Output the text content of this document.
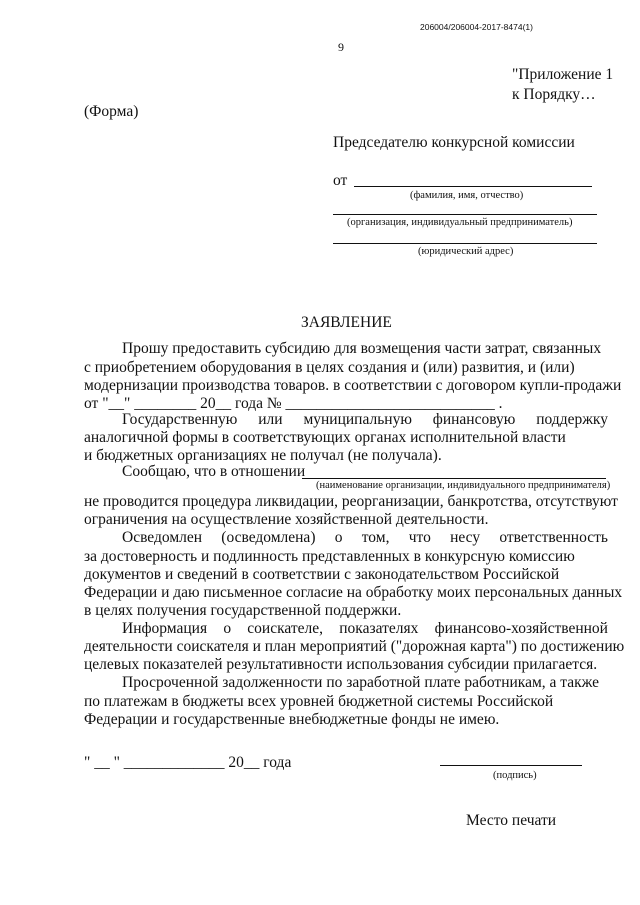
206004/206004-2017-8474(1)
9
"Приложение 1
к Порядку…
(Форма)
Председателю конкурсной комиссии
от
(фамилия, имя, отчество)
(организация, индивидуальный предприниматель)
(юридический адрес)
ЗАЯВЛЕНИЕ
Прошу предоставить субсидию для возмещения части затрат, связанных
с приобретением оборудования в целях создания и (или) развития, и (или)
модернизации производства товаров. в соответствии с договором купли-продажи
от "__" ________ 20__ года № ___________________________ .
Государственную или муниципальную финансовую поддержку
аналогичной формы в соответствующих органах исполнительной власти
и бюджетных организациях не получал (не получала).
Сообщаю, что в отношении
(наименование организации, индивидуального предпринимателя)
не проводится процедура ликвидации, реорганизации, банкротства, отсутствуют
ограничения на осуществление хозяйственной деятельности.
Осведомлен (осведомлена) о том, что несу ответственность
за достоверность и подлинность представленных в конкурсную комиссию
документов и сведений в соответствии с законодательством Российской
Федерации и даю письменное согласие на обработку моих персональных данных
в целях получения государственной поддержки.
Информация о соискателе, показателях финансово-хозяйственной
деятельности соискателя и план мероприятий ("дорожная карта") по достижению
целевых показателей результативности использования субсидии прилагается.
Просроченной задолженности по заработной плате работникам, а также
по платежам в бюджеты всех уровней бюджетной системы Российской
Федерации и государственные внебюджетные фонды не имею.
" __ " _____________ 20__ года
(подпись)
Место печати
